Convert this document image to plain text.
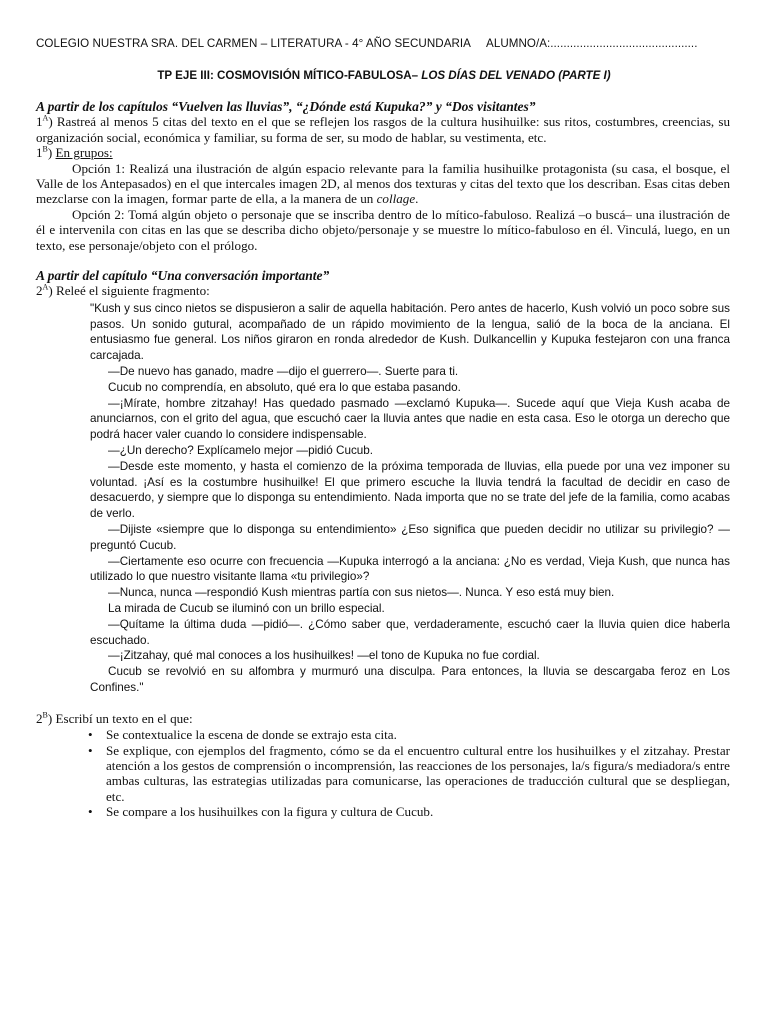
COLEGIO NUESTRA SRA. DEL CARMEN – LITERATURA - 4° AÑO SECUNDARIA     ALUMNO/A:.............................................
TP EJE III: COSMOVISIÓN MÍTICO-FABULOSA– LOS DÍAS DEL VENADO (PARTE I)

A partir de los capítulos “Vuelven las lluvias”, “¿Dónde está Kupuka?” y “Dos visitantes”

$1^A$) Rastreá al menos 5 citas del texto en el que se reflejen los rasgos de la cultura husihuilke: sus ritos, costumbres, creencias, su organización social, económica y familiar, su forma de ser, su modo de hablar, su vestimenta, etc.

$1^B$) En grupos:

Opción 1: Realizá una ilustración de algún espacio relevante para la familia husihuilke protagonista (su casa, el bosque, el Valle de los Antepasados) en el que intercales imagen 2D, al menos dos texturas y citas del texto que los describan. Esas citas deben mezclarse con la imagen, formar parte de ella, a la manera de un collage.

Opción 2: Tomá algún objeto o personaje que se inscriba dentro de lo mítico-fabuloso. Realizá –o buscá– una ilustración de él e intervenila con citas en las que se describa dicho objeto/personaje y se muestre lo mítico-fabuloso en él. Vinculá, luego, en un texto, ese personaje/objeto con el prólogo.

A partir del capítulo “Una conversación importante”

$2^A$) Releé el siguiente fragmento:

"Kush y sus cinco nietos se dispusieron a salir de aquella habitación. Pero antes de hacerlo, Kush volvió un poco sobre sus pasos. Un sonido gutural, acompañado de un rápido movimiento de la lengua, salió de la boca de la anciana. El entusiasmo fue general. Los niños giraron en ronda alrededor de Kush. Dulkancellin y Kupuka festejaron con una franca carcajada.

—De nuevo has ganado, madre —dijo el guerrero—. Suerte para ti.

Cucub no comprendía, en absoluto, qué era lo que estaba pasando.

—¡Mírate, hombre zitzahay! Has quedado pasmado —exclamó Kupuka—. Sucede aquí que Vieja Kush acaba de anunciarnos, con el grito del agua, que escuchó caer la lluvia antes que nadie en esta casa. Eso le otorga un derecho que podrá hacer valer cuando lo considere indispensable.

—¿Un derecho? Explícamelo mejor —pidió Cucub.

—Desde este momento, y hasta el comienzo de la próxima temporada de lluvias, ella puede por una vez imponer su voluntad. ¡Así es la costumbre husihuilke! El que primero escuche la lluvia tendrá la facultad de decidir en caso de desacuerdo, y siempre que lo disponga su entendimiento. Nada importa que no se trate del jefe de la familia, como acabas de verlo.

—Dijiste «siempre que lo disponga su entendimiento» ¿Eso significa que pueden decidir no utilizar su privilegio? —preguntó Cucub.

—Ciertamente eso ocurre con frecuencia —Kupuka interrogó a la anciana: ¿No es verdad, Vieja Kush, que nunca has utilizado lo que nuestro visitante llama «tu privilegio»?

—Nunca, nunca —respondió Kush mientras partía con sus nietos—. Nunca. Y eso está muy bien.

La mirada de Cucub se iluminó con un brillo especial.

—Quítame la última duda —pidió—. ¿Cómo saber que, verdaderamente, escuchó caer la lluvia quien dice haberla escuchado.

—¡Zitzahay, qué mal conoces a los husihuilkes! —el tono de Kupuka no fue cordial.

Cucub se revolvió en su alfombra y murmuró una disculpa. Para entonces, la lluvia se descargaba feroz en Los Confines."

$2^B$) Escribí un texto en el que:

• Se contextualice la escena de donde se extrajo esta cita.
• Se explique, con ejemplos del fragmento, cómo se da el encuentro cultural entre los husihuilkes y el zitzahay. Prestar atención a los gestos de comprensión o incomprensión, las reacciones de los personajes, la/s figura/s mediadora/s entre ambas culturas, las estrategias utilizadas para comunicarse, las operaciones de traducción cultural que se despliegan, etc.
• Se compare a los husihuilkes con la figura y cultura de Cucub.
